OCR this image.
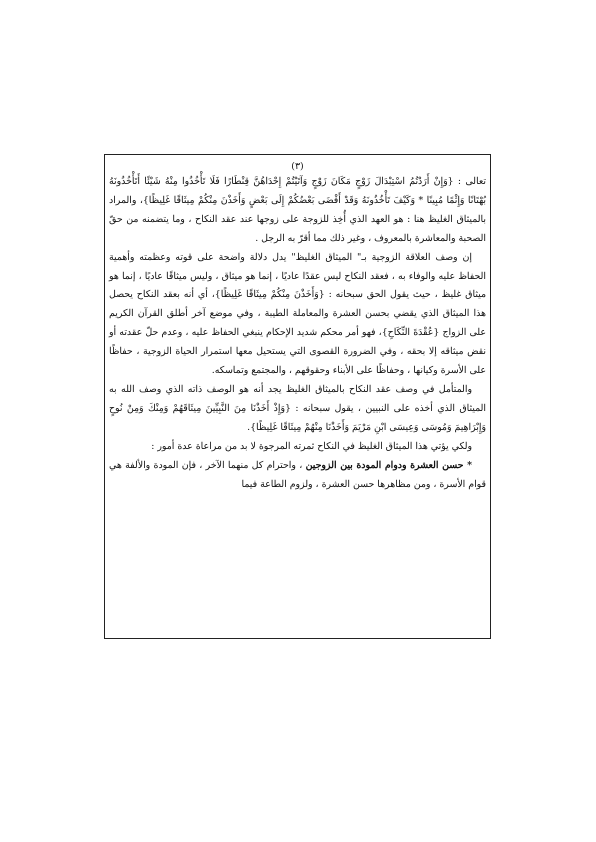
(٣)

تعالى : {وَإِنْ أَرَدْتُمُ اسْتِبْدَالَ زَوْجٍ مَكَانَ زَوْجٍ وَآتَيْتُمْ إِحْدَاهُنَّ قِنْطَارًا فَلَا تَأْخُذُوا مِنْهُ شَيْئًا أَتَأْخُذُونَهُ بُهْتَانًا وَإِثْمًا مُبِينًا * وَكَيْفَ تَأْخُذُونَهُ وَقَدْ أَفْضَى بَعْضُكُمْ إِلَى بَعْضٍ وَأَخَذْنَ مِنْكُمْ مِيثَاقًا غَلِيظًا}، والمراد بالميثاق الغليظ هنا : هو العهد الذي أُخِذ للزوجة على زوجها عند عقد النكاح ، وما يتضمنه من حقّ الصحبة والمعاشرة بالمعروف ، وغير ذلك مما أقرّ به الرجل .

إن وصف العلاقة الزوجية بـ" الميثاق الغليظ" يدل دلالة واضحة على قوته وعظمته وأهمية الحفاظ عليه والوفاء به ، فعقد النكاح ليس عقدًا عاديًا ، إنما هو ميثاق ، وليس ميثاقًا عاديًا ، إنما هو ميثاق غليظ ، حيث يقول الحق سبحانه : {وَأَخَذْنَ مِنْكُمْ مِيثَاقًا غَلِيظًا}، أي أنه بعقد النكاح يحصل هذا الميثاق الذي يقضي بحسن العشرة والمعاملة الطيبة ، وفي موضع آخر أطلق القرآن الكريم على الزواج {عُقْدَةَ النِّكَاحِ}، فهو أمر محكم شديد الإحكام ينبغي الحفاظ عليه ، وعدم حلّ عقدته أو نقض ميثاقه إلا بحقه ، وفي الضرورة القصوى التي يستحيل معها استمرار الحياة الزوجية ، حفاظًا على الأسرة وكيانها ، وحفاظًا على الأبناء وحقوقهم ، والمجتمع وتماسكه.

والمتأمل في وصف عقد النكاح بالميثاق الغليظ يجد أنه هو الوصف ذاته الذي وصف الله به الميثاق الذي أخذه على النبيين ، يقول سبحانه : {وَإِذْ أَخَذْنَا مِنَ النَّبِيِّينَ مِيثَاقَهُمْ وَمِنْكَ وَمِنْ نُوحٍ وَإِبْرَاهِيمَ وَمُوسَى وَعِيسَى ابْنِ مَرْيَمَ وَأَخَذْنَا مِنْهُمْ مِيثَاقًا غَلِيظًا}.

ولكي يؤتي هذا الميثاق الغليظ في النكاح ثمرته المرجوة لا بد من مراعاة عدة أمور :

* حسن العشرة ودوام المودة بين الزوجين ، واحترام كل منهما الآخر ، فإن المودة والألفة هي قوام الأسرة ، ومن مظاهرها حسن العشرة ، ولزوم الطاعة فيما
